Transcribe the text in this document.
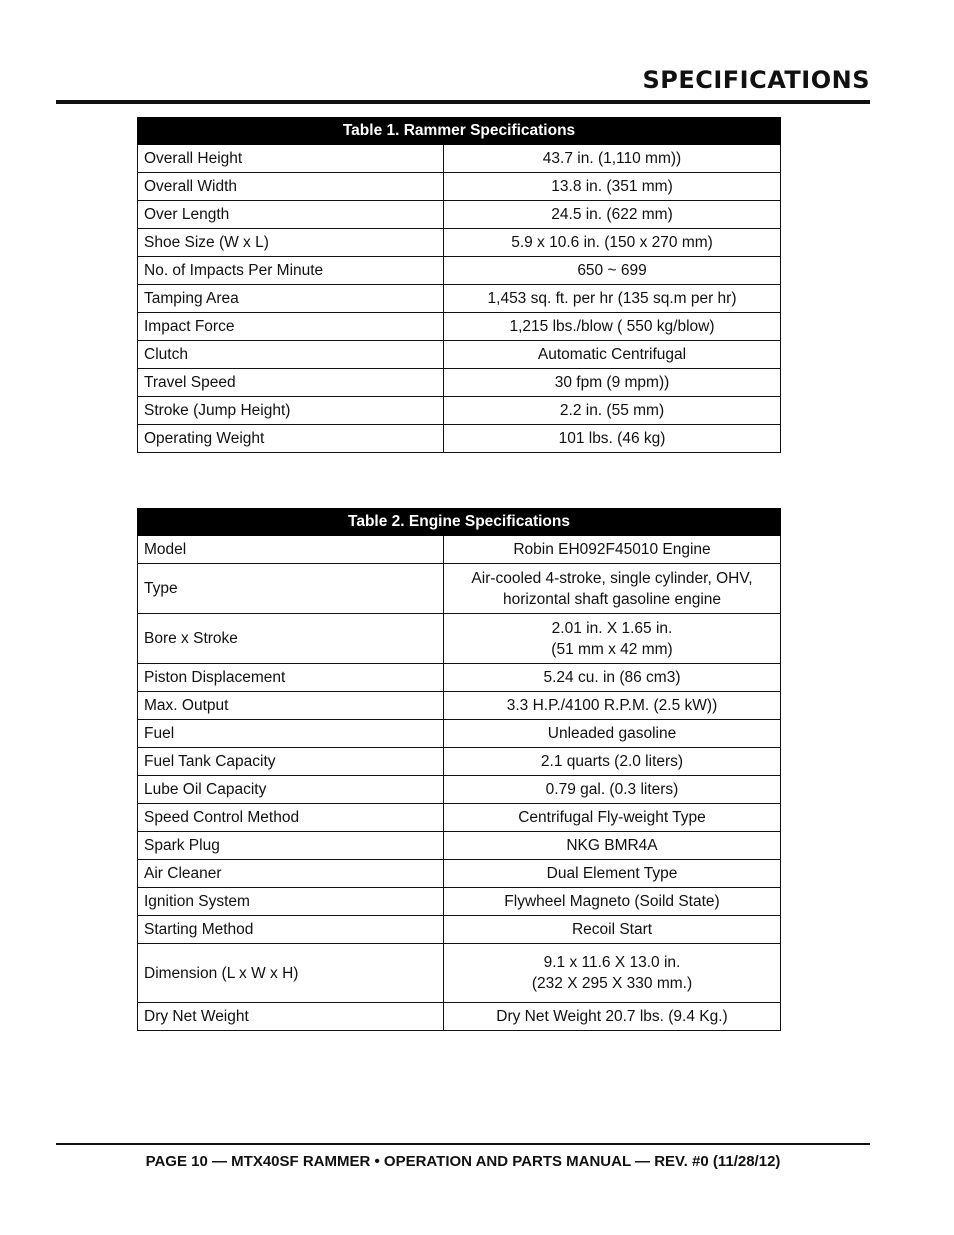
SPECIFICATIONS
Table 1. Rammer Specifications	
Overall Height	43.7 in. (1,110 mm))
Overall Width	13.8 in. (351 mm)
Over Length	24.5 in. (622 mm)
Shoe Size (W x L)	5.9 x 10.6 in. (150 x 270 mm)
No. of Impacts Per Minute	650 ~ 699
Tamping Area	1,453 sq. ft. per hr (135 sq.m per hr)
Impact Force	1,215 lbs./blow ( 550 kg/blow)
Clutch	Automatic Centrifugal
Travel Speed	30 fpm (9 mpm))
Stroke (Jump Height)	2.2 in. (55 mm)
Operating Weight	101 lbs. (46 kg)
Table 2. Engine Specifications	
Model	Robin EH092F45010 Engine
Type	Air-cooled 4-stroke, single cylinder, OHV,
horizontal shaft gasoline engine
Bore x Stroke	2.01 in. X 1.65 in.
(51 mm x 42 mm)
Piston Displacement	5.24 cu. in (86 cm3)
Max. Output	3.3 H.P./4100 R.P.M. (2.5 kW))
Fuel	Unleaded gasoline
Fuel Tank Capacity	2.1 quarts (2.0 liters)
Lube Oil Capacity	0.79 gal. (0.3 liters)
Speed Control Method	Centrifugal Fly-weight Type
Spark Plug	NKG BMR4A
Air Cleaner	Dual Element Type
Ignition System	Flywheel Magneto (Soild State)
Starting Method	Recoil Start
Dimension (L x W x H)	9.1 x 11.6 X 13.0 in.
(232 X 295 X 330 mm.)
Dry Net Weight	Dry Net Weight 20.7 lbs. (9.4 Kg.)

PAGE 10 — MTX40SF RAMMER • OPERATION AND PARTS MANUAL — REV. #0 (11/28/12)
